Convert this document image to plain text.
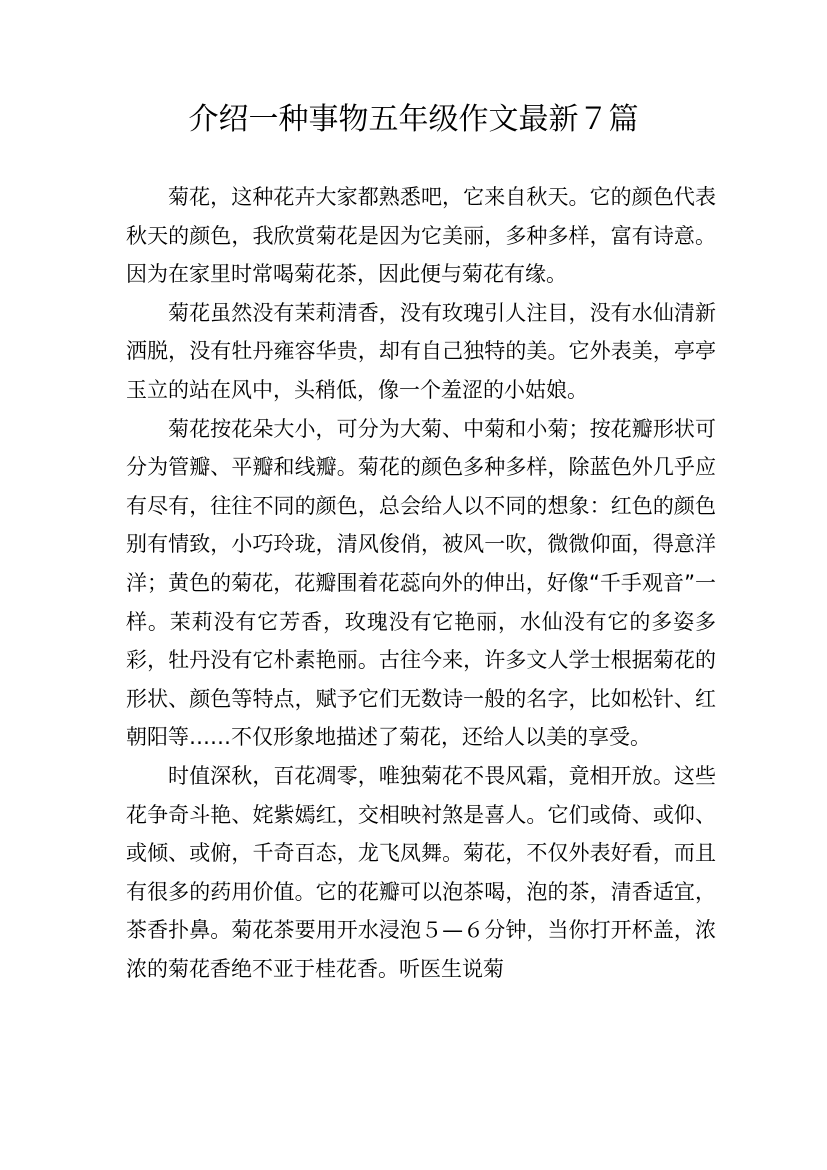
介绍一种事物五年级作文最新７篇

菊花，这种花卉大家都熟悉吧，它来自秋天。它的颜色代表秋天的颜色，我欣赏菊花是因为它美丽，多种多样，富有诗意。因为在家里时常喝菊花茶，因此便与菊花有缘。

菊花虽然没有茉莉清香，没有玫瑰引人注目，没有水仙清新洒脱，没有牡丹雍容华贵，却有自己独特的美。它外表美，亭亭玉立的站在风中，头稍低，像一个羞涩的小姑娘。

菊花按花朵大小，可分为大菊、中菊和小菊；按花瓣形状可分为管瓣、平瓣和线瓣。菊花的颜色多种多样，除蓝色外几乎应有尽有，往往不同的颜色，总会给人以不同的想象：红色的颜色别有情致，小巧玲珑，清风俊俏，被风一吹，微微仰面，得意洋洋；黄色的菊花，花瓣围着花蕊向外的伸出，好像“千手观音”一样。茉莉没有它芳香，玫瑰没有它艳丽，水仙没有它的多姿多彩，牡丹没有它朴素艳丽。古往今来，许多文人学士根据菊花的形状、颜色等特点，赋予它们无数诗一般的名字，比如松针、红朝阳等……不仅形象地描述了菊花，还给人以美的享受。

时值深秋，百花凋零，唯独菊花不畏风霜，竟相开放。这些花争奇斗艳、姹紫嫣红，交相映衬煞是喜人。它们或倚、或仰、或倾、或俯，千奇百态，龙飞凤舞。菊花，不仅外表好看，而且有很多的药用价值。它的花瓣可以泡茶喝，泡的茶，清香适宜，茶香扑鼻。菊花茶要用开水浸泡５—６分钟，当你打开杯盖，浓浓的菊花香绝不亚于桂花香。听医生说菊
